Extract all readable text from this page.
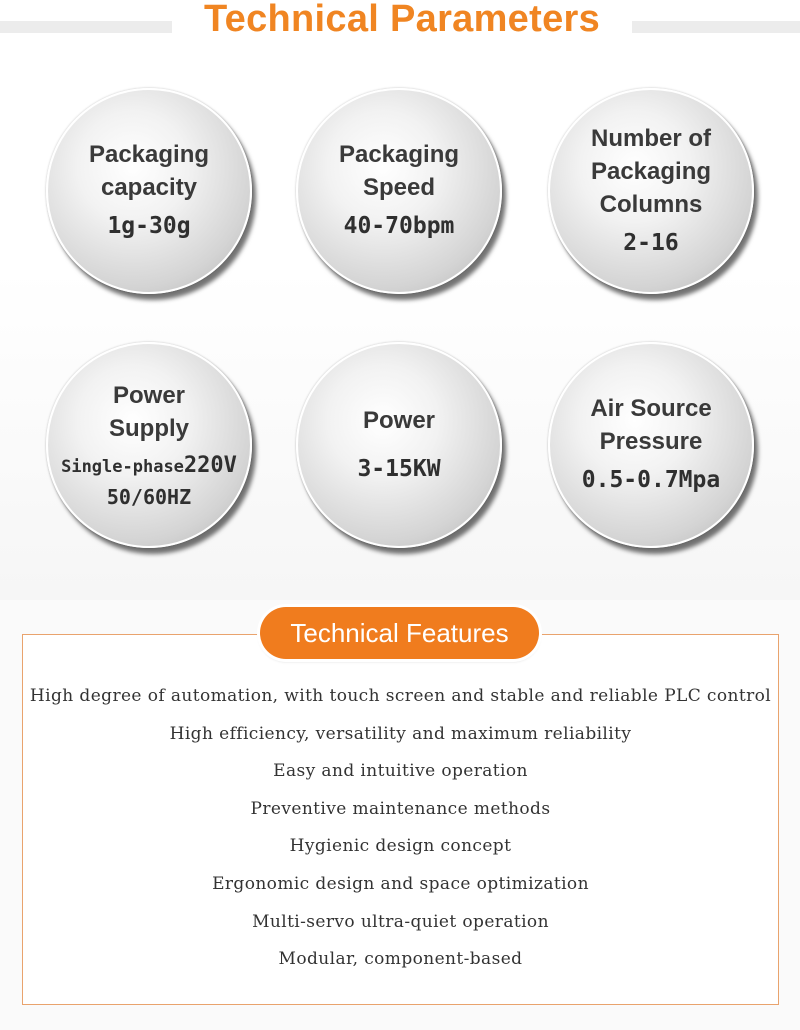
Technical Parameters
Packaging
capacity
1g-30g
Packaging
Speed
40-70bpm
Number of
Packaging
Columns
2-16
Power
Supply
Single-phase220V
50/60HZ
Power
3-15KW
Air Source
Pressure
0.5-0.7Mpa
Technical Features
High degree of automation, with touch screen and stable and reliable PLC control
High efficiency, versatility and maximum reliability
Easy and intuitive operation
Preventive maintenance methods
Hygienic design concept
Ergonomic design and space optimization
Multi-servo ultra-quiet operation
Modular, component-based
